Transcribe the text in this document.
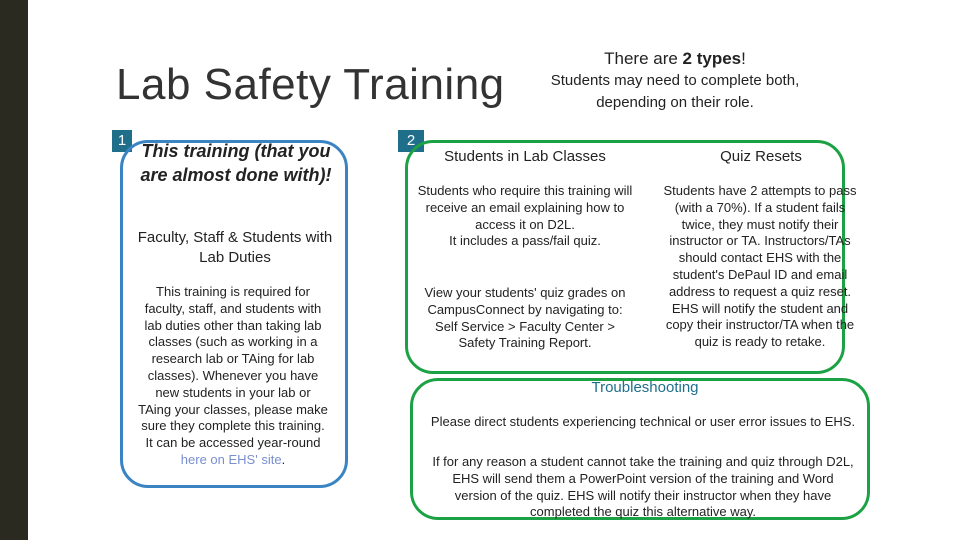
Lab Safety Training
There are 2 types!
Students may need to complete both,
depending on their role.
1
This training (that you are almost done with)!
Faculty, Staff & Students with Lab Duties
This training is required for faculty, staff, and students with lab duties other than taking lab classes (such as working in a research lab or TAing for lab classes). Whenever you have new students in your lab or TAing your classes, please make sure they complete this training. It can be accessed year-round here on EHS' site.
2
Students in Lab Classes
Students who require this training will receive an email explaining how to access it on D2L.
It includes a pass/fail quiz.
View your students' quiz grades on CampusConnect by navigating to:
Self Service > Faculty Center > Safety Training Report.
Quiz Resets
Students have 2 attempts to pass (with a 70%). If a student fails twice, they must notify their instructor or TA. Instructors/TAs should contact EHS with the student's DePaul ID and email address to request a quiz reset. EHS will notify the student and copy their instructor/TA when the quiz is ready to retake.
Troubleshooting
Please direct students experiencing technical or user error issues to EHS.
If for any reason a student cannot take the training and quiz through D2L, EHS will send them a PowerPoint version of the training and Word version of the quiz. EHS will notify their instructor when they have completed the quiz this alternative way.
